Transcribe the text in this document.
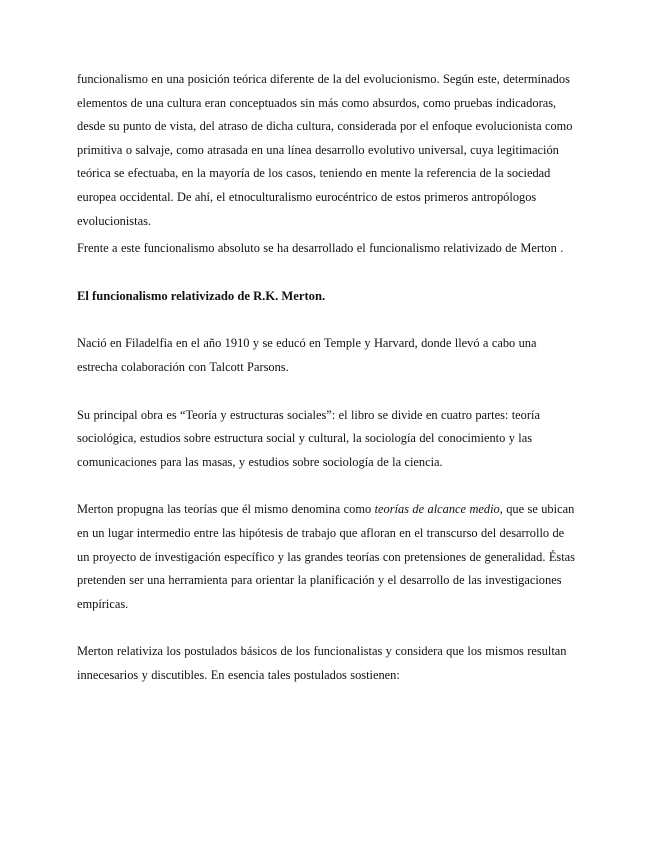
funcionalismo en una posición teórica diferente de la del evolucionismo. Según este, determinados elementos de una cultura eran conceptuados sin más como absurdos, como pruebas indicadoras, desde su punto de vista, del atraso de dicha cultura, considerada por el enfoque evolucionista como primitiva o salvaje, como atrasada en una línea desarrollo evolutivo universal, cuya legitimación teórica se efectuaba, en la mayoría de los casos, teniendo en mente la referencia de la sociedad europea occidental. De ahí, el etnoculturalismo eurocéntrico de estos primeros antropólogos evolucionistas.

Frente a este funcionalismo absoluto se ha desarrollado el funcionalismo relativizado de Merton .

El funcionalismo relativizado de R.K. Merton.

Nació en Filadelfia en el año 1910 y se educó en Temple y Harvard, donde llevó a cabo una estrecha colaboración con Talcott Parsons.

Su principal obra es “Teoría y estructuras sociales”: el libro se divide en cuatro partes: teoría sociológica, estudios sobre estructura social y cultural, la sociología del conocimiento y las comunicaciones para las masas, y estudios sobre sociología de la ciencia.

Merton propugna las teorías que él mismo denomina como teorías de alcance medio, que se ubican en un lugar intermedio entre las hipótesis de trabajo que afloran en el transcurso del desarrollo de un proyecto de investigación específico y las grandes teorías con pretensiones de generalidad. Éstas pretenden ser una herramienta para orientar la planificación y el desarrollo de las investigaciones empíricas.

Merton relativiza los postulados básicos de los funcionalistas y considera que los mismos resultan innecesarios y discutibles. En esencia tales postulados sostienen:
